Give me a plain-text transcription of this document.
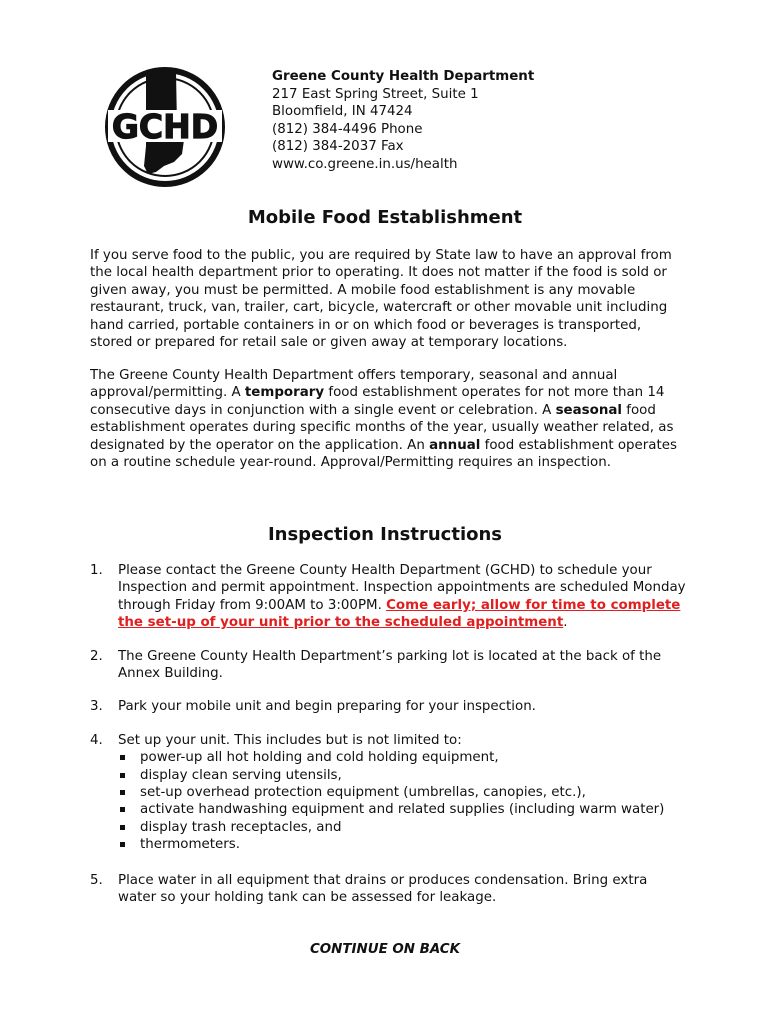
GCHD
Greene County Health Department
217 East Spring Street, Suite 1
Bloomfield, IN 47424
(812) 384-4496 Phone
(812) 384-2037 Fax
www.co.greene.in.us/health
Mobile Food Establishment

If you serve food to the public, you are required by State law to have an approval from the local health department prior to operating. It does not matter if the food is sold or given away, you must be permitted. A mobile food establishment is any movable restaurant, truck, van, trailer, cart, bicycle, watercraft or other movable unit including hand carried, portable containers in or on which food or beverages is transported, stored or prepared for retail sale or given away at temporary locations.

The Greene County Health Department offers temporary, seasonal and annual approval/permitting. A temporary food establishment operates for not more than 14 consecutive days in conjunction with a single event or celebration. A seasonal food establishment operates during specific months of the year, usually weather related, as designated by the operator on the application. An annual food establishment operates on a routine schedule year-round. Approval/Permitting requires an inspection.

Inspection Instructions
1. Please contact the Greene County Health Department (GCHD) to schedule your Inspection and permit appointment. Inspection appointments are scheduled Monday through Friday from 9:00AM to 3:00PM. Come early; allow for time to complete the set-up of your unit prior to the scheduled appointment.
2. The Greene County Health Department’s parking lot is located at the back of the Annex Building.
3. Park your mobile unit and begin preparing for your inspection.
4. Set up your unit. This includes but is not limited to:
power-up all hot holding and cold holding equipment,
display clean serving utensils,
set-up overhead protection equipment (umbrellas, canopies, etc.),
activate handwashing equipment and related supplies (including warm water)
display trash receptacles, and
thermometers.
5. Place water in all equipment that drains or produces condensation. Bring extra water so your holding tank can be assessed for leakage.
CONTINUE ON BACK
